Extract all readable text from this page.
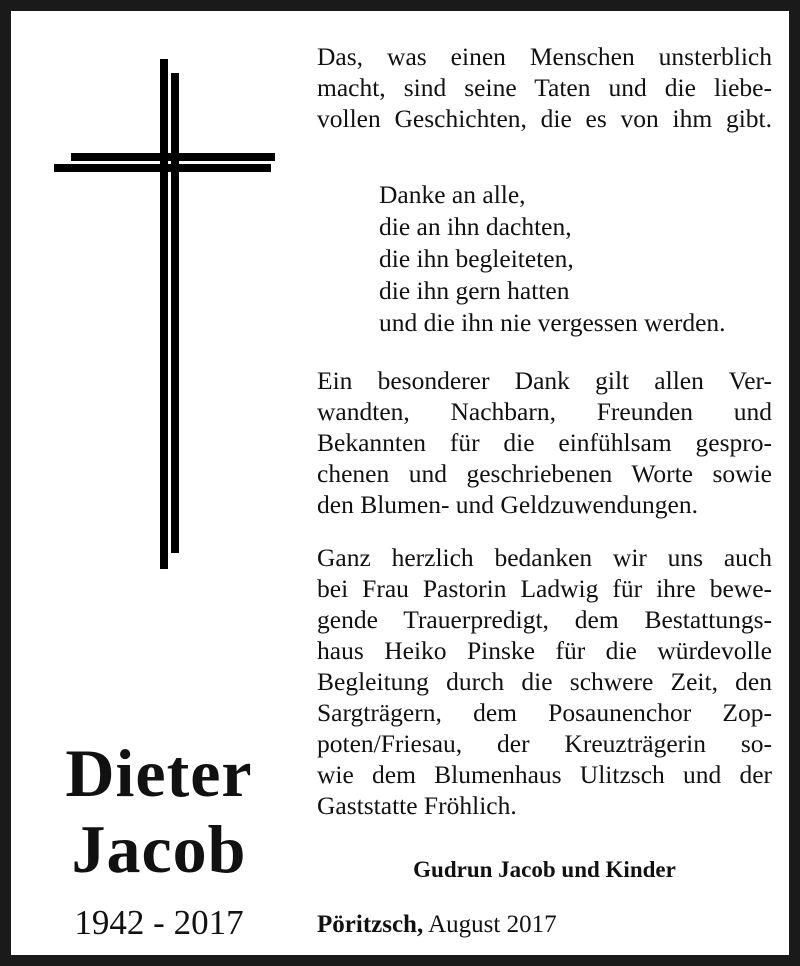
Dieter
Jacob
1942 - 2017
Das, was einen Menschen unsterblich
macht, sind seine Taten und die liebe-
vollen Geschichten, die es von ihm gibt.
Danke an alle,
die an ihn dachten,
die ihn begleiteten,
die ihn gern hatten
und die ihn nie vergessen werden.
Ein besonderer Dank gilt allen Ver-
wandten, Nachbarn, Freunden und
Bekannten für die einfühlsam gespro-
chenen und geschriebenen Worte sowie
den Blumen- und Geldzuwendungen.
Ganz herzlich bedanken wir uns auch
bei Frau Pastorin Ladwig für ihre bewe-
gende Trauerpredigt, dem Bestattungs-
haus Heiko Pinske für die würdevolle
Begleitung durch die schwere Zeit, den
Sargträgern, dem Posaunenchor Zop-
poten/Friesau, der Kreuzträgerin so-
wie dem Blumenhaus Ulitzsch und der
Gaststatte Fröhlich.
Gudrun Jacob und Kinder
Pöritzsch, August 2017
